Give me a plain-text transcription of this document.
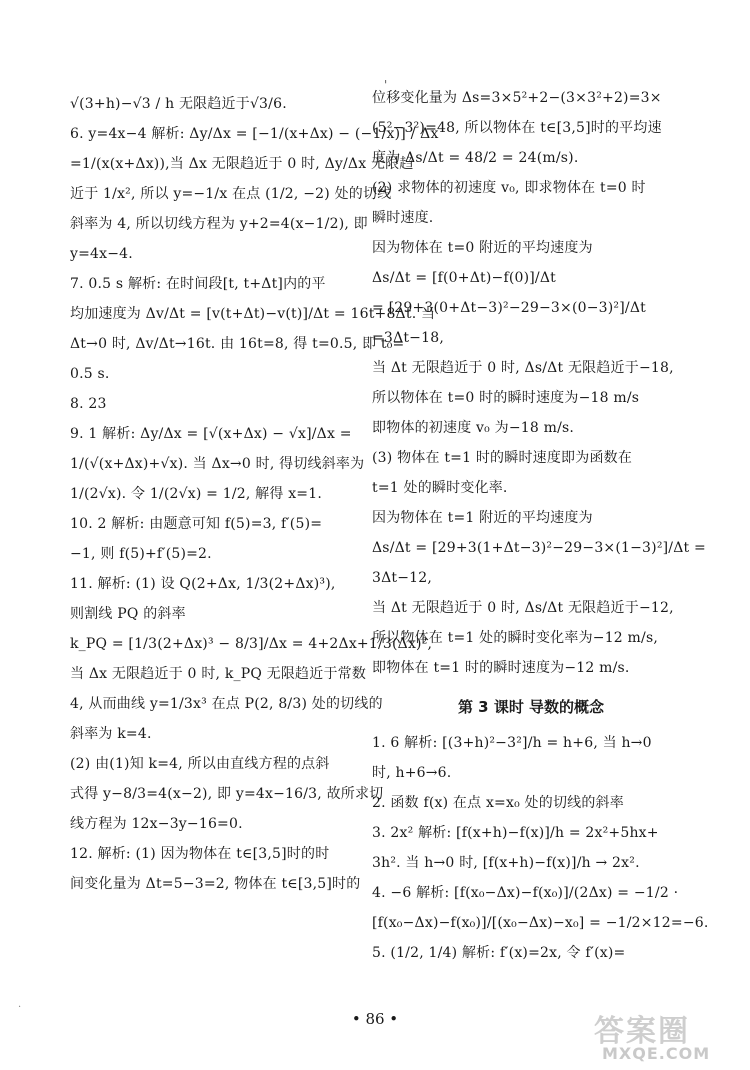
'
√(3+h)−√3 / h 无限趋近于√3/6.
6. y=4x−4 解析: Δy/Δx = [−1/(x+Δx) − (−1/x)] / Δx
=1/(x(x+Δx)),当 Δx 无限趋近于 0 时, Δy/Δx 无限趋
近于 1/x², 所以 y=−1/x 在点 (1/2, −2) 处的切线
斜率为 4, 所以切线方程为 y+2=4(x−1/2), 即
y=4x−4.
7. 0.5 s 解析: 在时间段[t, t+Δt]内的平
均加速度为 Δv/Δt = [v(t+Δt)−v(t)]/Δt = 16t+8Δt. 当
Δt→0 时, Δv/Δt→16t. 由 16t=8, 得 t=0.5, 即 t₀=
0.5 s.
8. 23
9. 1 解析: Δy/Δx = [√(x+Δx) − √x]/Δx =
1/(√(x+Δx)+√x). 当 Δx→0 时, 得切线斜率为
1/(2√x). 令 1/(2√x) = 1/2, 解得 x=1.
10. 2 解析: 由题意可知 f(5)=3, f′(5)=
−1, 则 f(5)+f′(5)=2.
11. 解析: (1) 设 Q(2+Δx, 1/3(2+Δx)³),
则割线 PQ 的斜率
k_PQ = [1/3(2+Δx)³ − 8/3]/Δx = 4+2Δx+1/3(Δx)²,
当 Δx 无限趋近于 0 时, k_PQ 无限趋近于常数
4, 从而曲线 y=1/3x³ 在点 P(2, 8/3) 处的切线的
斜率为 k=4.
(2) 由(1)知 k=4, 所以由直线方程的点斜
式得 y−8/3=4(x−2), 即 y=4x−16/3, 故所求切
线方程为 12x−3y−16=0.
12. 解析: (1) 因为物体在 t∈[3,5]时的时
间变化量为 Δt=5−3=2, 物体在 t∈[3,5]时的
位移变化量为 Δs=3×5²+2−(3×3²+2)=3×
(5²−3²)=48, 所以物体在 t∈[3,5]时的平均速
度为 Δs/Δt = 48/2 = 24(m/s).
(2) 求物体的初速度 v₀, 即求物体在 t=0 时
瞬时速度.
因为物体在 t=0 附近的平均速度为
Δs/Δt = [f(0+Δt)−f(0)]/Δt
= [29+3(0+Δt−3)²−29−3×(0−3)²]/Δt
=3Δt−18,
当 Δt 无限趋近于 0 时, Δs/Δt 无限趋近于−18,
所以物体在 t=0 时的瞬时速度为−18 m/s
即物体的初速度 v₀ 为−18 m/s.
(3) 物体在 t=1 时的瞬时速度即为函数在
t=1 处的瞬时变化率.
因为物体在 t=1 附近的平均速度为
Δs/Δt = [29+3(1+Δt−3)²−29−3×(1−3)²]/Δt =
3Δt−12,
当 Δt 无限趋近于 0 时, Δs/Δt 无限趋近于−12,
所以物体在 t=1 处的瞬时变化率为−12 m/s,
即物体在 t=1 时的瞬时速度为−12 m/s.
第 3 课时 导数的概念
1. 6 解析: [(3+h)²−3²]/h = h+6, 当 h→0
时, h+6→6.
2. 函数 f(x) 在点 x=x₀ 处的切线的斜率
3. 2x² 解析: [f(x+h)−f(x)]/h = 2x²+5hx+
3h². 当 h→0 时, [f(x+h)−f(x)]/h → 2x².
4. −6 解析: [f(x₀−Δx)−f(x₀)]/(2Δx) = −1/2 ·
[f(x₀−Δx)−f(x₀)]/[(x₀−Δx)−x₀] = −1/2×12=−6.
5. (1/2, 1/4) 解析: f′(x)=2x, 令 f′(x)=
• 86 •
·
答案圈
MXQE.COM
